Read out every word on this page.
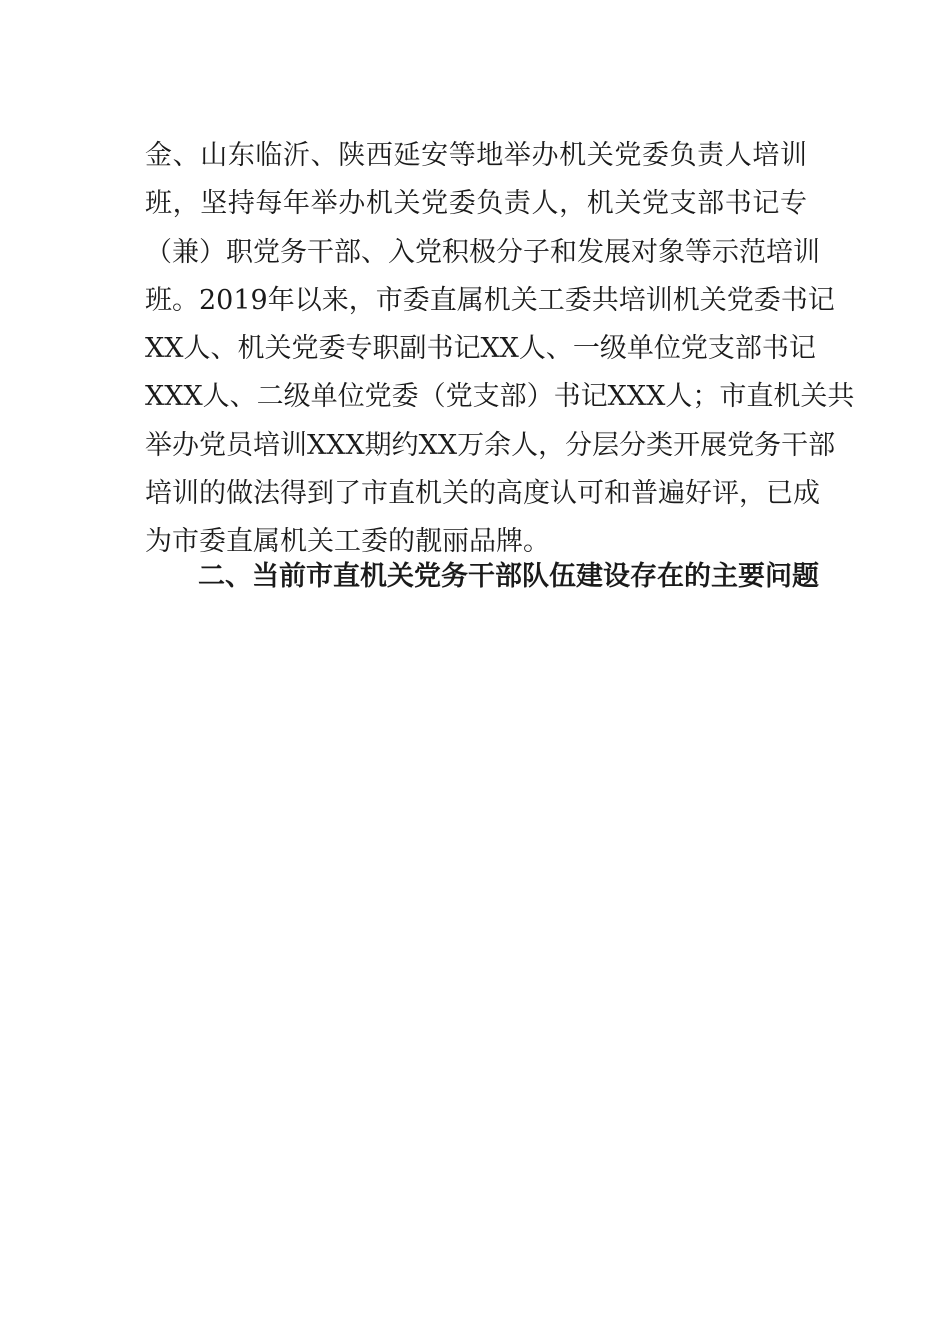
金、山东临沂、陕西延安等地举办机关党委负责人培训
班，坚持每年举办机关党委负责人，机关党支部书记专
（兼）职党务干部、入党积极分子和发展对象等示范培训
班。2019年以来，市委直属机关工委共培训机关党委书记
XX人、机关党委专职副书记XX人、一级单位党支部书记
XXX人、二级单位党委（党支部）书记XXX人；市直机关共
举办党员培训XXX期约XX万余人，分层分类开展党务干部
培训的做法得到了市直机关的高度认可和普遍好评，已成
为市委直属机关工委的靓丽品牌。
二、当前市直机关党务干部队伍建设存在的主要问题
